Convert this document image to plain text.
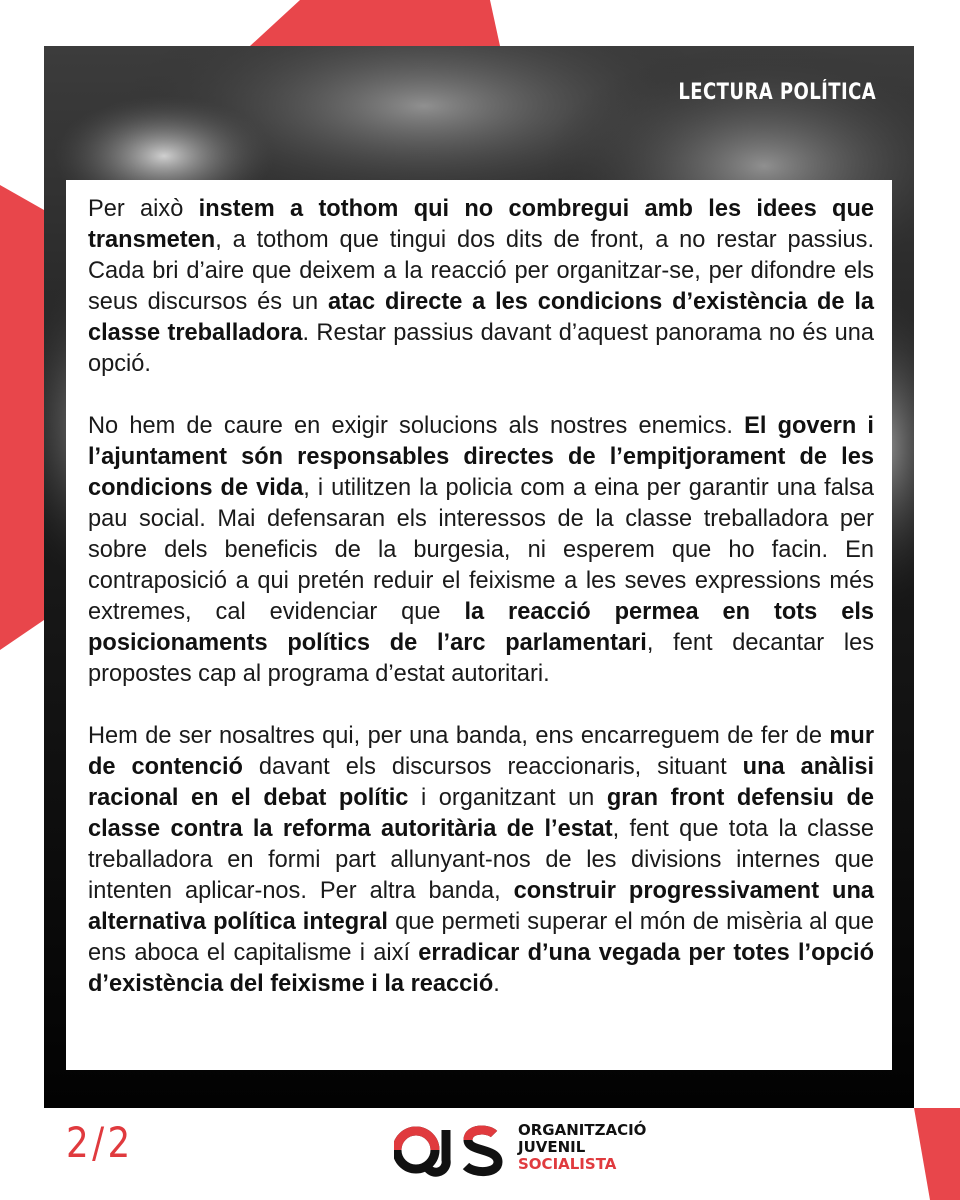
LECTURA POLÍTICA

Per això instem a tothom qui no combregui amb les idees que transmeten, a tothom que tingui dos dits de front, a no restar passius. Cada bri d’aire que deixem a la reacció per organitzar-se, per difondre els seus discursos és un atac directe a les condicions d’existència de la classe treballadora. Restar passius davant d’aquest panorama no és una opció.

No hem de caure en exigir solucions als nostres enemics. El govern i l’ajuntament són responsables directes de l’empitjorament de les condicions de vida, i utilitzen la policia com a eina per garantir una falsa pau social. Mai defensaran els interessos de la classe treballadora per sobre dels beneficis de la burgesia, ni esperem que ho facin. En contraposició a qui pretén reduir el feixisme a les seves expressions més extremes, cal evidenciar que la reacció permea en tots els posicionaments polítics de l’arc parlamentari, fent decantar les propostes cap al programa d’estat autoritari.

Hem de ser nosaltres qui, per una banda, ens encarreguem de fer de mur de contenció davant els discursos reaccionaris, situant una anàlisi racional en el debat polític i organitzant un gran front defensiu de classe contra la reforma autoritària de l’estat, fent que tota la classe treballadora en formi part allunyant-nos de les divisions internes que intenten aplicar-nos. Per altra banda, construir progressivament una alternativa política integral que permeti superar el món de misèria al que ens aboca el capitalisme i així erradicar d’una vegada per totes l’opció d’existència del feixisme i la reacció.

2/2	ORGANITZACIÓ
JUVENIL
SOCIALISTA
